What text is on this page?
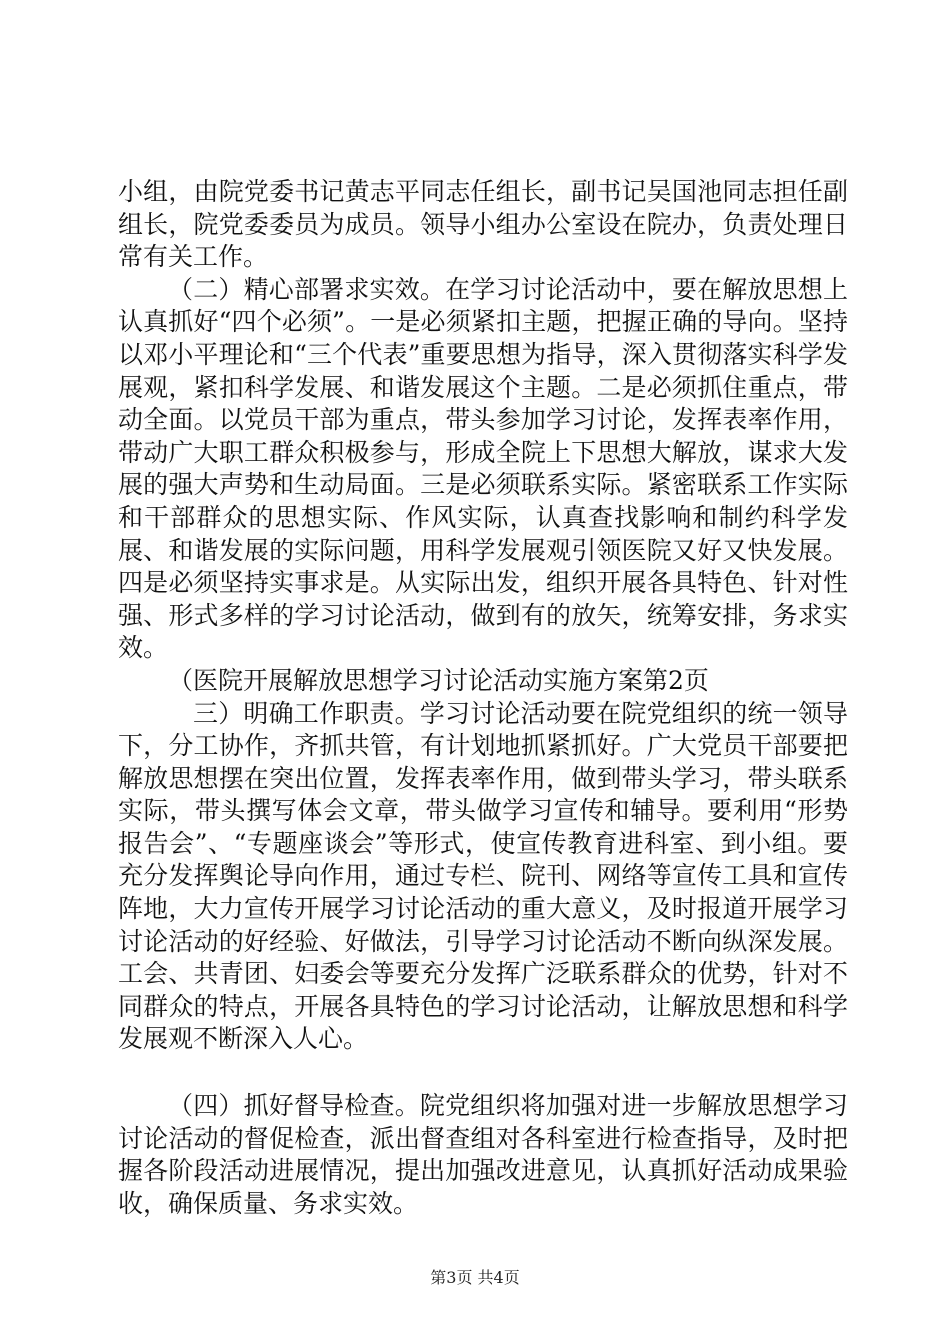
小组，由院党委书记黄志平同志任组长，副书记吴国池同志担任副组长，院党委委员为成员。领导小组办公室设在院办，负责处理日常有关工作。

（二）精心部署求实效。在学习讨论活动中，要在解放思想上认真抓好“四个必须”。一是必须紧扣主题，把握正确的导向。坚持以邓小平理论和“三个代表”重要思想为指导，深入贯彻落实科学发展观，紧扣科学发展、和谐发展这个主题。二是必须抓住重点，带动全面。以党员干部为重点，带头参加学习讨论，发挥表率作用，带动广大职工群众积极参与，形成全院上下思想大解放，谋求大发展的强大声势和生动局面。三是必须联系实际。紧密联系工作实际和干部群众的思想实际、作风实际，认真查找影响和制约科学发展、和谐发展的实际问题，用科学发展观引领医院又好又快发展。四是必须坚持实事求是。从实际出发，组织开展各具特色、针对性强、形式多样的学习讨论活动，做到有的放矢，统筹安排，务求实效。

（医院开展解放思想学习讨论活动实施方案第2页

三）明确工作职责。学习讨论活动要在院党组织的统一领导下，分工协作，齐抓共管，有计划地抓紧抓好。广大党员干部要把解放思想摆在突出位置，发挥表率作用，做到带头学习，带头联系实际，带头撰写体会文章，带头做学习宣传和辅导。要利用“形势报告会”、“专题座谈会”等形式，使宣传教育进科室、到小组。要充分发挥舆论导向作用，通过专栏、院刊、网络等宣传工具和宣传阵地，大力宣传开展学习讨论活动的重大意义，及时报道开展学习讨论活动的好经验、好做法，引导学习讨论活动不断向纵深发展。工会、共青团、妇委会等要充分发挥广泛联系群众的优势，针对不同群众的特点，开展各具特色的学习讨论活动，让解放思想和科学发展观不断深入人心。

（四）抓好督导检查。院党组织将加强对进一步解放思想学习讨论活动的督促检查，派出督查组对各科室进行检查指导，及时把握各阶段活动进展情况，提出加强改进意见，认真抓好活动成果验收，确保质量、务求实效。

第3页 共4页
